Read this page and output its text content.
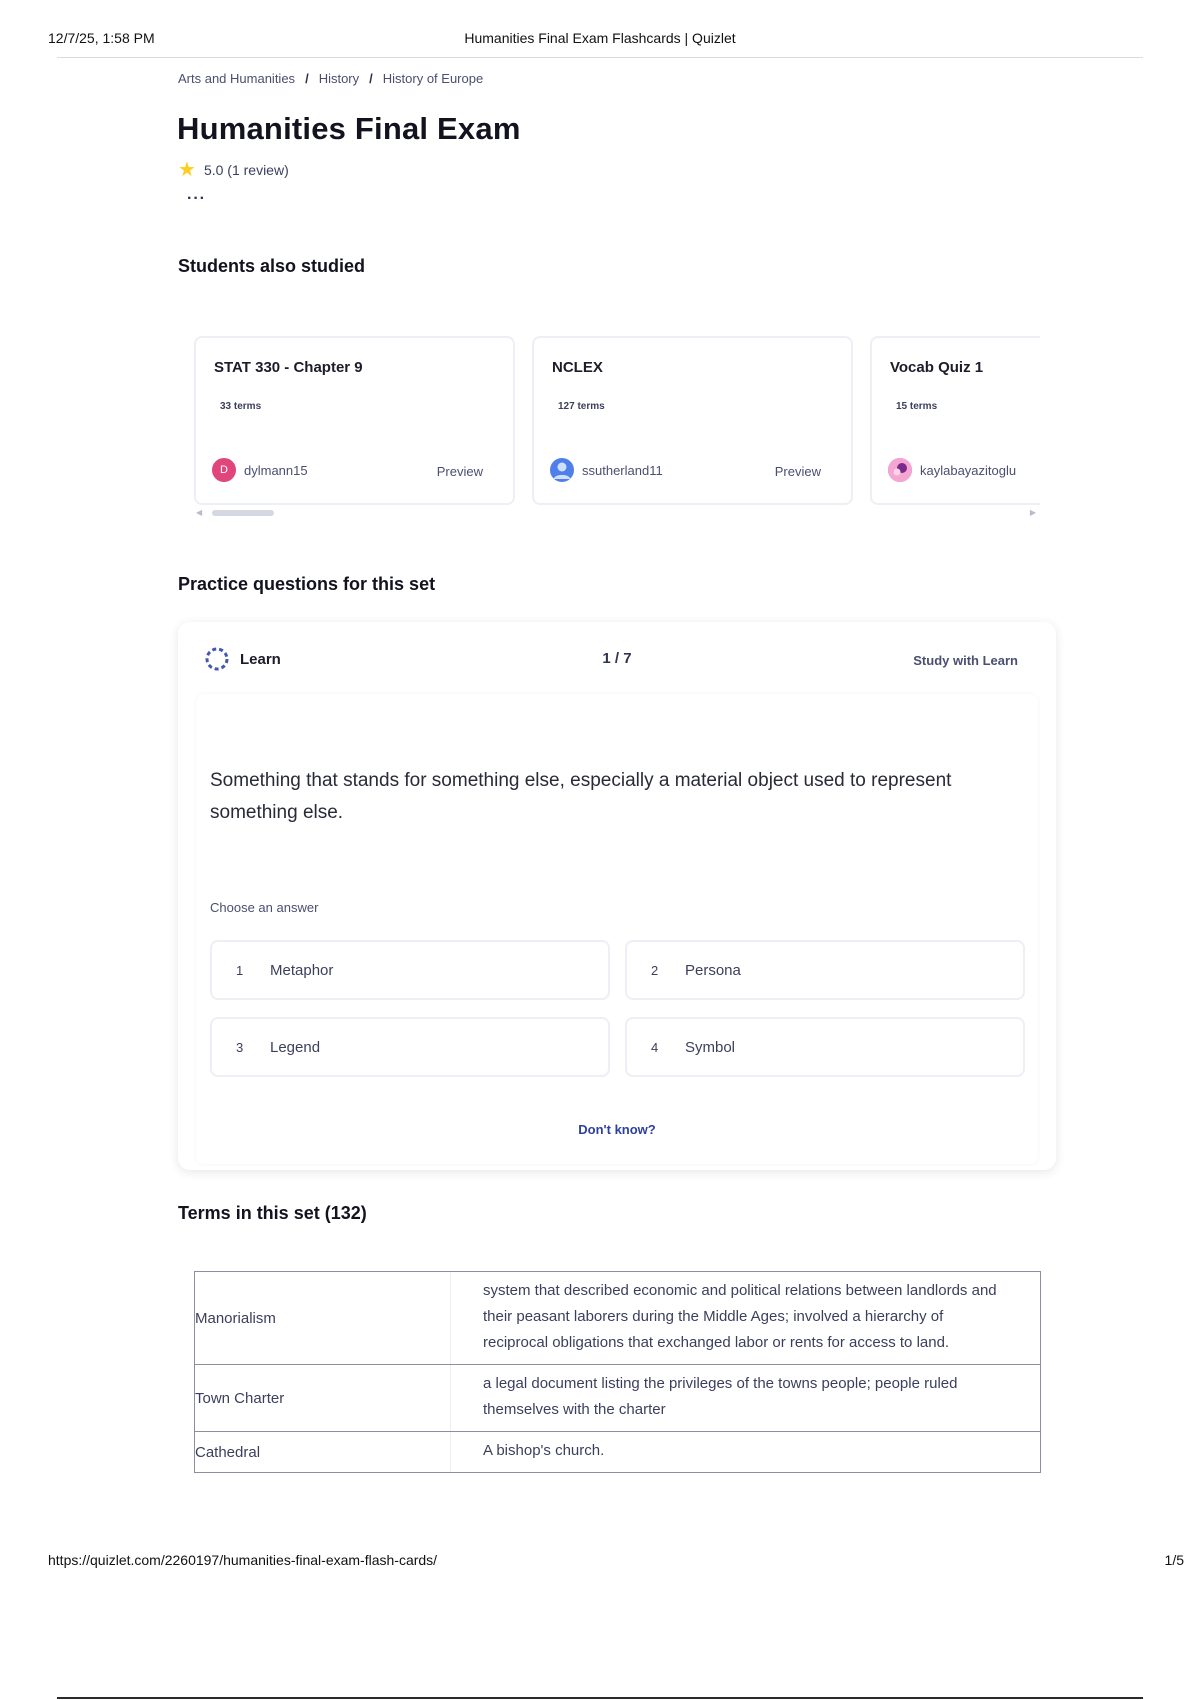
12/7/25, 1:58 PM	Humanities Final Exam Flashcards | Quizlet
Arts and Humanities / History / History of Europe
Humanities Final Exam
★ 5.0 (1 review)
···
Students also studied
STAT 330 - Chapter 9
33 terms
D	dylmann15	Preview
NCLEX
127 terms
ssutherland11	Preview
Vocab Quiz 1
15 terms
kaylabayazitoglu
◀	▶
Practice questions for this set
Learn	1 / 7	Study with Learn

Something that stands for something else, especially a material object used to represent something else.

Choose an answer
1	Metaphor	2	Persona
3	Legend	4	Symbol
Don't know?
Terms in this set (132)
Manorialism	system that described economic and political relations between landlords and their peasant laborers during the Middle Ages; involved a hierarchy of reciprocal obligations that exchanged labor or rents for access to land.
Town Charter	a legal document listing the privileges of the towns people; people ruled themselves with the charter
Cathedral	A bishop's church.
https://quizlet.com/2260197/humanities-final-exam-flash-cards/	1/5
